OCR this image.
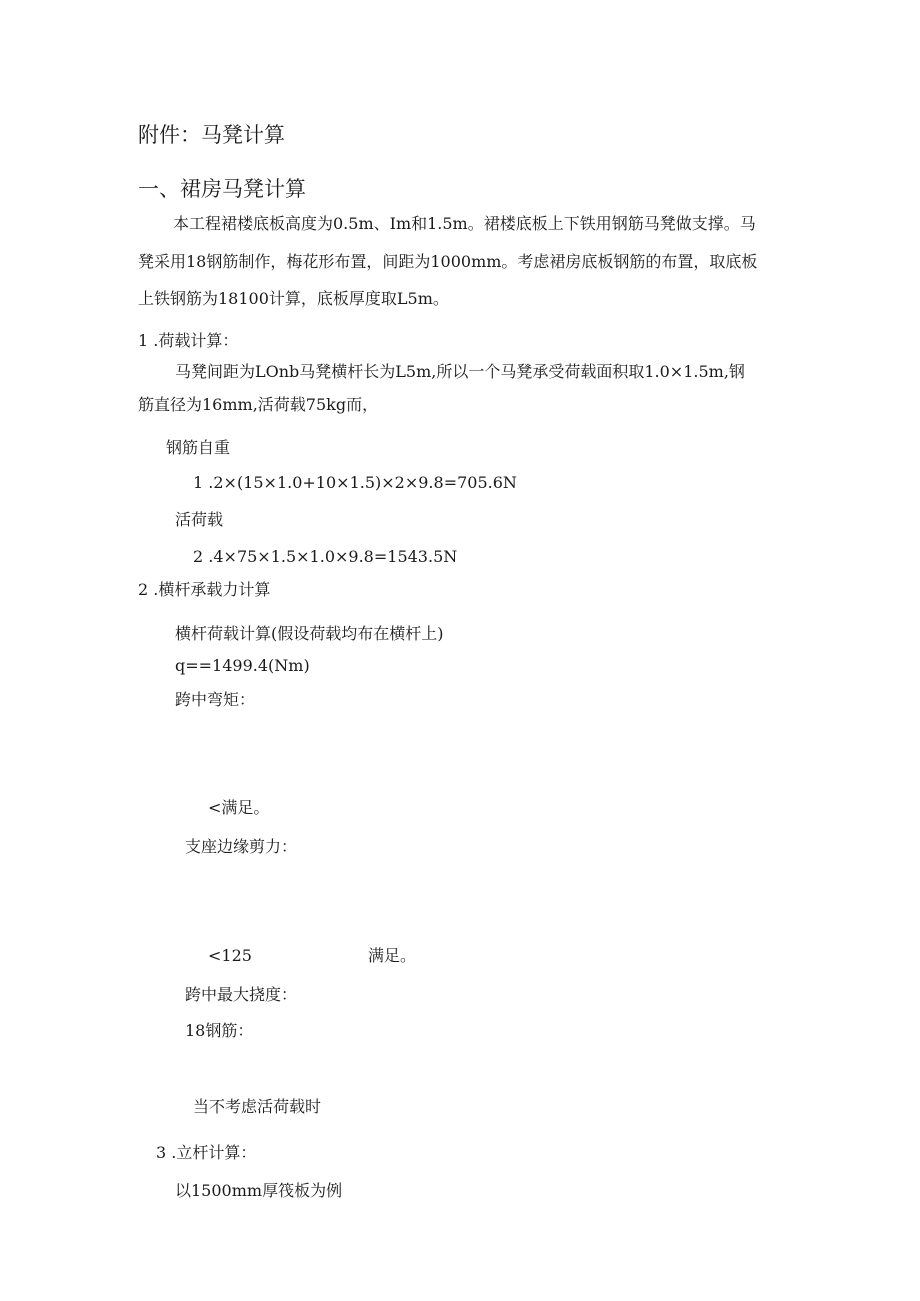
附件：马凳计算
一、裙房马凳计算
本工程裙楼底板高度为0.5m、Im和1.5m。裙楼底板上下铁用钢筋马凳做支撑。马
凳采用18钢筋制作，梅花形布置，间距为1000mm。考虑裙房底板钢筋的布置，取底板
上铁钢筋为18100计算，底板厚度取L5m。
1 .荷载计算：
马凳间距为LOnb马凳横杆长为L5m,所以一个马凳承受荷载面积取1.0×1.5m,钢
筋直径为16mm,活荷载75kg而，
钢筋自重
1 .2×(15×1.0+10×1.5)×2×9.8=705.6N
活荷载
2 .4×75×1.5×1.0×9.8=1543.5N
2 .横杆承载力计算
横杆荷载计算(假设荷载均布在横杆上)
q==1499.4(Nm)
跨中弯矩：
<满足。
支座边缘剪力：
<125	满足。
跨中最大挠度：
18钢筋：
当不考虑活荷载时
3 .立杆计算：
以1500mm厚筏板为例
